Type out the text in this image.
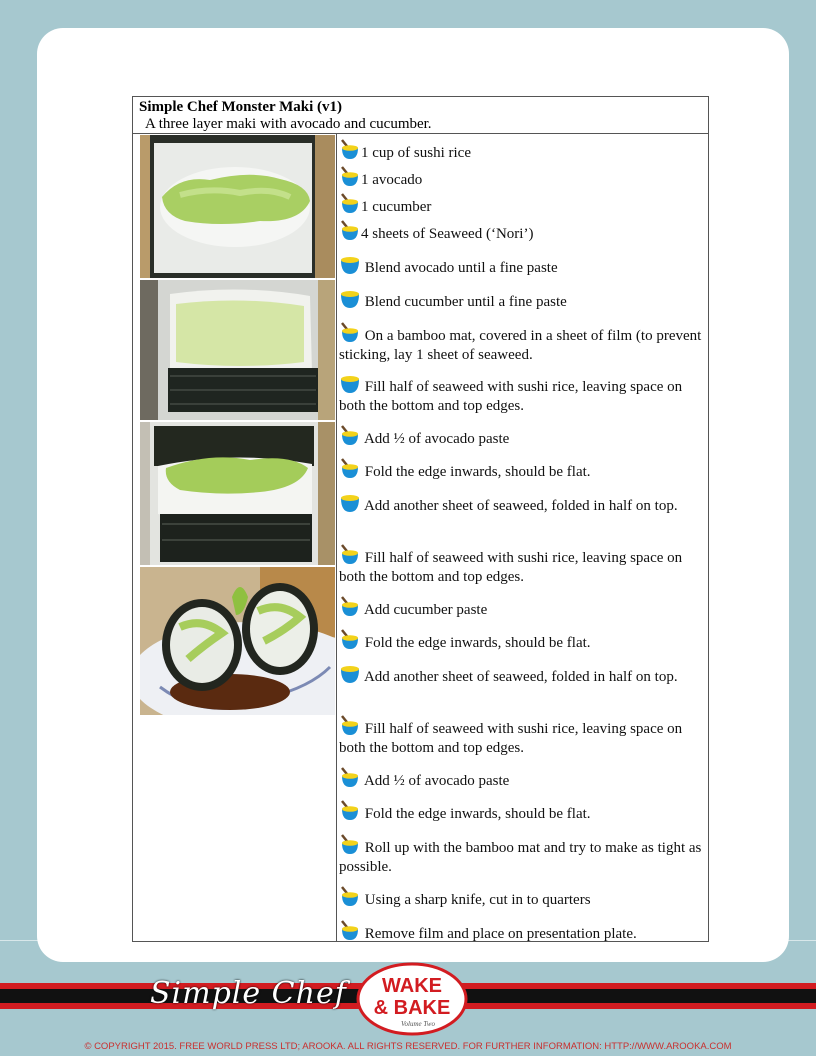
Simple Chef Monster Maki (v1)
A three layer maki with avocado and cucumber.
1 cup of sushi rice
1 avocado
1 cucumber
4 sheets of Seaweed (‘Nori’)
Blend avocado until a fine paste
Blend cucumber until a fine paste
On a bamboo mat, covered in a sheet of film (to prevent sticking, lay 1 sheet of seaweed.
Fill half of seaweed with sushi rice, leaving space on both the bottom and top edges.
Add ½ of avocado paste
Fold the edge inwards, should be flat.
Add another sheet of seaweed, folded in half on top.
Fill half of seaweed with sushi rice, leaving space on both the bottom and top edges.
Add cucumber paste
Fold the edge inwards, should be flat.
Add another sheet of seaweed, folded in half on top.
Fill half of seaweed with sushi rice, leaving space on both the bottom and top edges.
Add ½ of avocado paste
Fold the edge inwards, should be flat.
Roll up with the bamboo mat and try to make as tight as possible.
Using a sharp knife, cut in to quarters
Remove film and place on presentation plate.
Simple Chef WAKE
& BAKE
Volume Two
© COPYRIGHT 2015. FREE WORLD PRESS LTD; AROOKA. ALL RIGHTS RESERVED. FOR FURTHER INFORMATION: HTTP://WWW.AROOKA.COM
